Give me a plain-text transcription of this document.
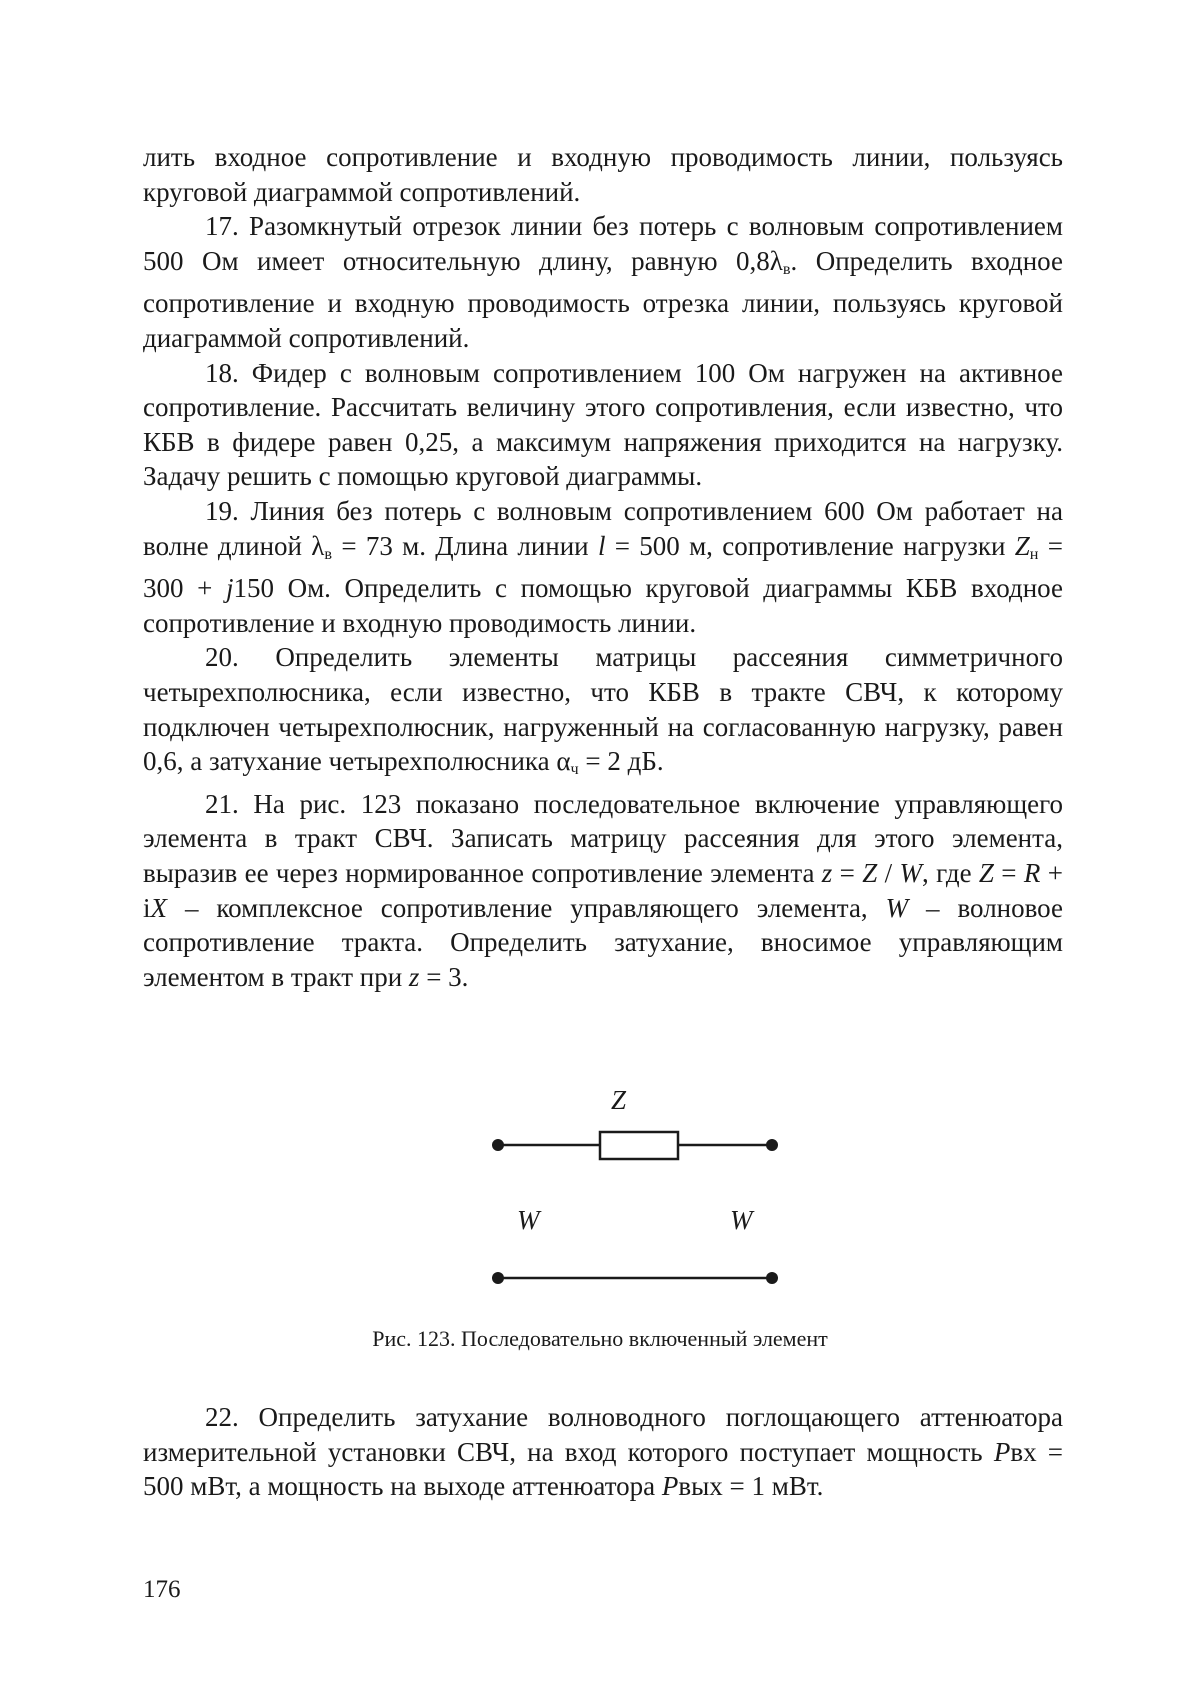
лить входное сопротивление и входную проводимость линии, пользуясь круговой диаграммой сопротивлений.

17. Разомкнутый отрезок линии без потерь с волновым сопротивлением 500 Ом имеет относительную длину, равную $0,8\lambda_в$. Определить входное сопротивление и входную проводимость отрезка линии, пользуясь круговой диаграммой сопротивлений.

18. Фидер с волновым сопротивлением 100 Ом нагружен на активное сопротивление. Рассчитать величину этого сопротивления, если известно, что КБВ в фидере равен 0,25, а максимум напряжения приходится на нагрузку. Задачу решить с помощью круговой диаграммы.

19. Линия без потерь с волновым сопротивлением 600 Ом работает на волне длиной $\lambda_в = 73$ м. Длина линии l = 500 м, сопротивление нагрузки $Z_н = 300 + j150$ Ом. Определить с помощью круговой диаграммы КБВ входное сопротивление и входную проводимость линии.

20. Определить элементы матрицы рассеяния симметричного четырехполюсника, если известно, что КБВ в тракте СВЧ, к которому подключен четырехполюсник, нагруженный на согласованную нагрузку, равен 0,6, а затухание четырехполюсника $\alpha_ч = 2$ дБ.

21. На рис. 123 показано последовательное включение управляющего элемента в тракт СВЧ. Записать матрицу рассеяния для этого элемента, выразив ее через нормированное сопротивление элемента z = Z / W, где Z = R + iX – комплексное сопротивление управляющего элемента, W – волновое сопротивление тракта. Определить затухание, вносимое управляющим элементом в тракт при z = 3.

Z
W	W
Рис. 123. Последовательно включенный элемент

22. Определить затухание волноводного поглощающего аттенюатора измерительной установки СВЧ, на вход которого поступает мощность Pвх = 500 мВт, а мощность на выходе аттенюатора Pвых = 1 мВт.

176
